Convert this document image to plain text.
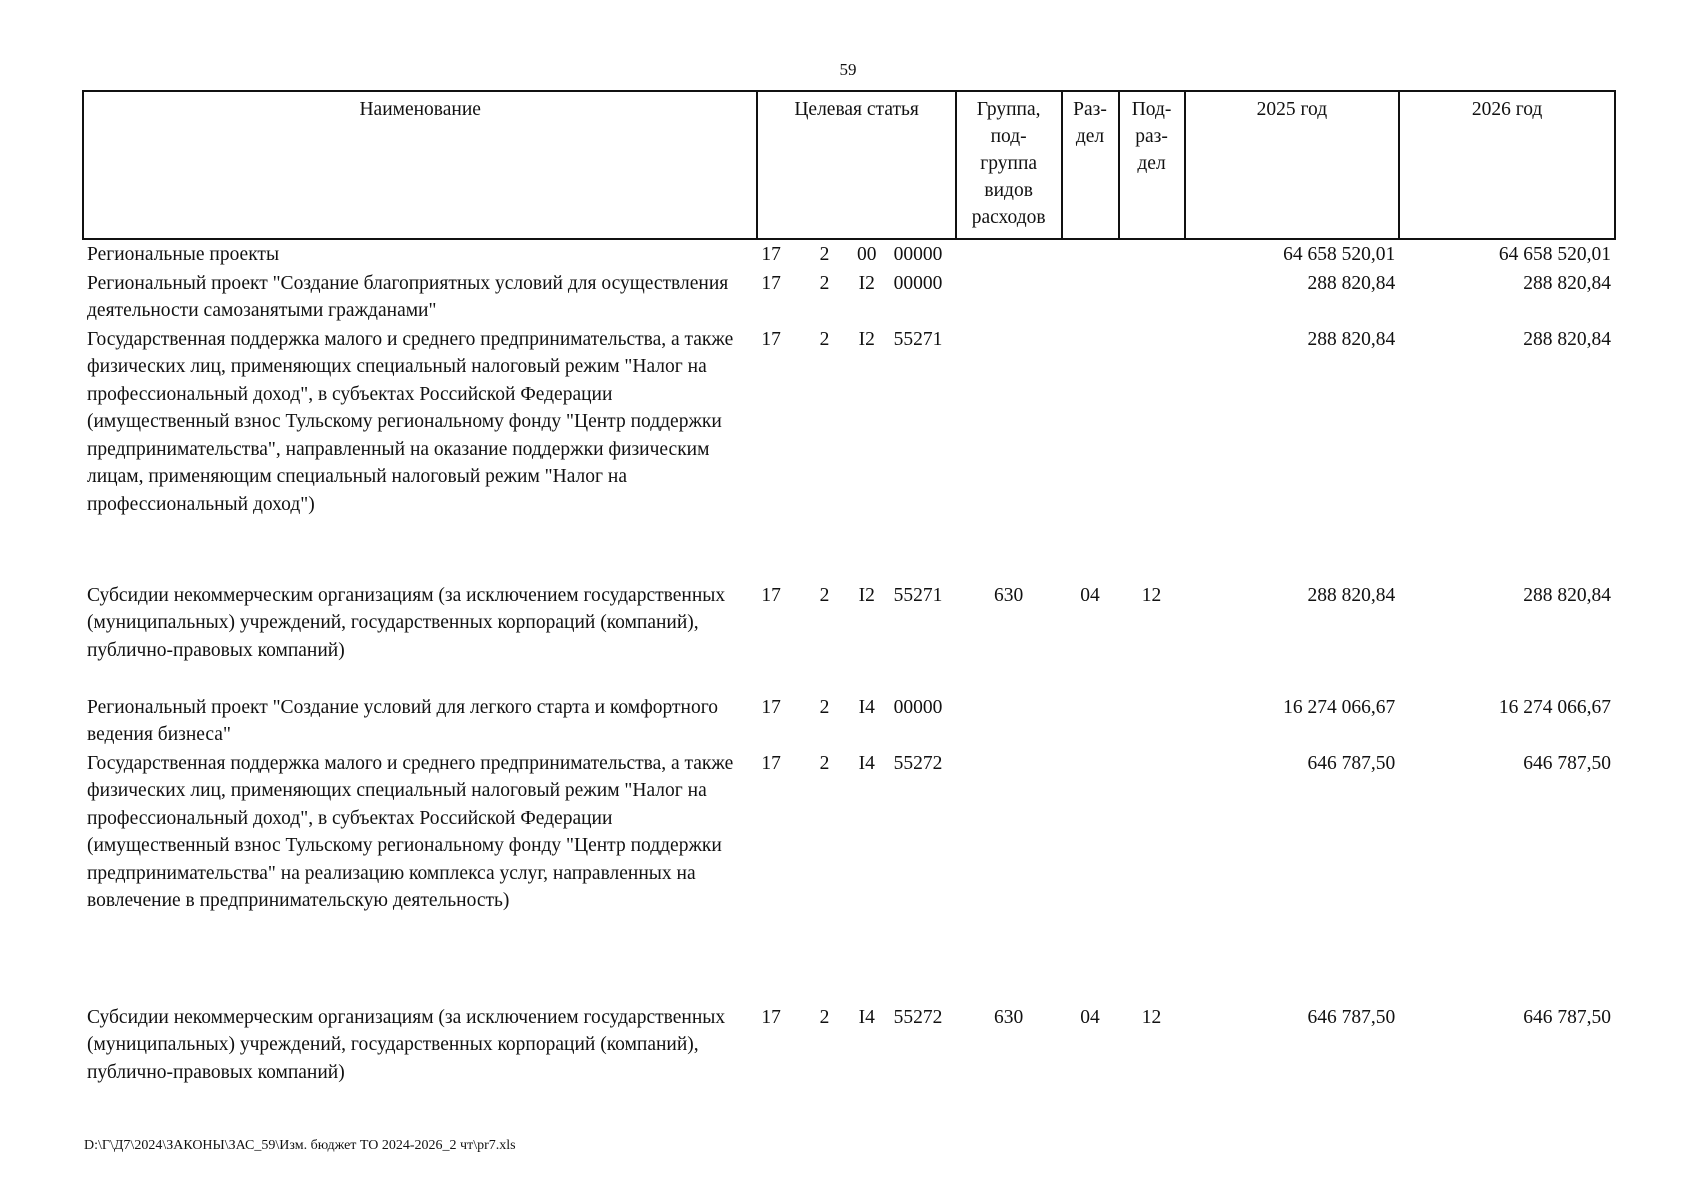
59
Наименование	Целевая статья				Группа, под- группа видов расходов	Раз- дел	Под- раз- дел	2025 год	2026 год
Региональные проекты	17	2	00	00000				64 658 520,01	64 658 520,01
Региональный проект "Создание благоприятных условий для осуществления деятельности самозанятыми гражданами"	17	2	I2	00000				288 820,84	288 820,84
Государственная поддержка малого и среднего предпринимательства, а также физических лиц, применяющих специальный налоговый режим "Налог на профессиональный доход", в субъектах Российской Федерации (имущественный взнос Тульскому региональному фонду "Центр поддержки предпринимательства", направленный на оказание поддержки физическим лицам, применяющим специальный налоговый режим "Налог на профессиональный доход")	17	2	I2	55271				288 820,84	288 820,84
Субсидии некоммерческим организациям (за исключением государственных (муниципальных) учреждений, государственных корпораций (компаний), публично-правовых компаний)	17	2	I2	55271	630	04	12	288 820,84	288 820,84
Региональный проект "Создание условий для легкого старта и комфортного ведения бизнеса"	17	2	I4	00000				16 274 066,67	16 274 066,67
Государственная поддержка малого и среднего предпринимательства, а также физических лиц, применяющих специальный налоговый режим "Налог на профессиональный доход", в субъектах Российской Федерации (имущественный взнос Тульскому региональному фонду "Центр поддержки предпринимательства" на реализацию комплекса услуг, направленных на вовлечение в предпринимательскую деятельность)	17	2	I4	55272				646 787,50	646 787,50
Субсидии некоммерческим организациям (за исключением государственных (муниципальных) учреждений, государственных корпораций (компаний), публично-правовых компаний)	17	2	I4	55272	630	04	12	646 787,50	646 787,50
D:\Г\Д7\2024\ЗАКОНЫ\ЗАС_59\Изм. бюджет ТО 2024-2026_2 чт\pr7.xls
